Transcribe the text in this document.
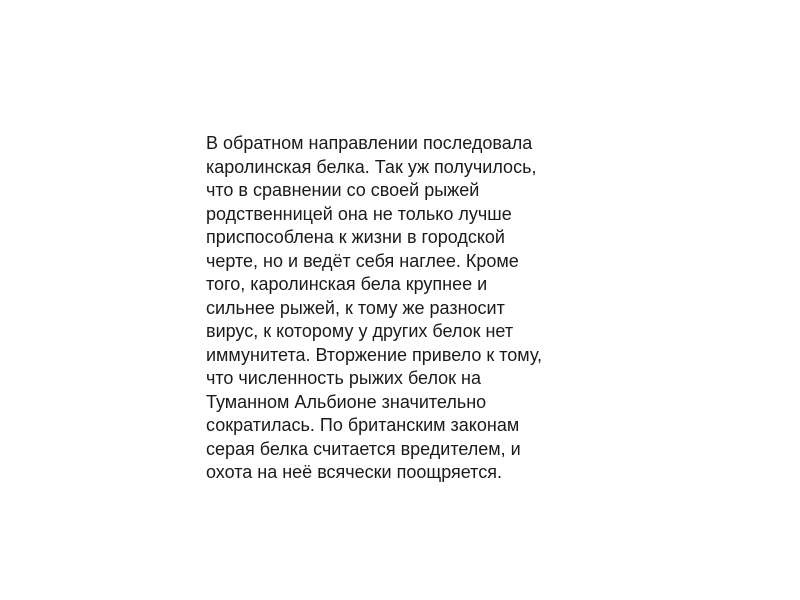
В обратном направлении последовала
каролинская белка. Так уж получилось,
что в сравнении со своей рыжей
родственницей она не только лучше
приспособлена к жизни в городской
черте, но и ведёт себя наглее. Кроме
того, каролинская бела крупнее и
сильнее рыжей, к тому же разносит
вирус, к которому у других белок нет
иммунитета. Вторжение привело к тому,
что численность рыжих белок на
Туманном Альбионе значительно
сократилась. По британским законам
серая белка считается вредителем, и
охота на неё всячески поощряется.
